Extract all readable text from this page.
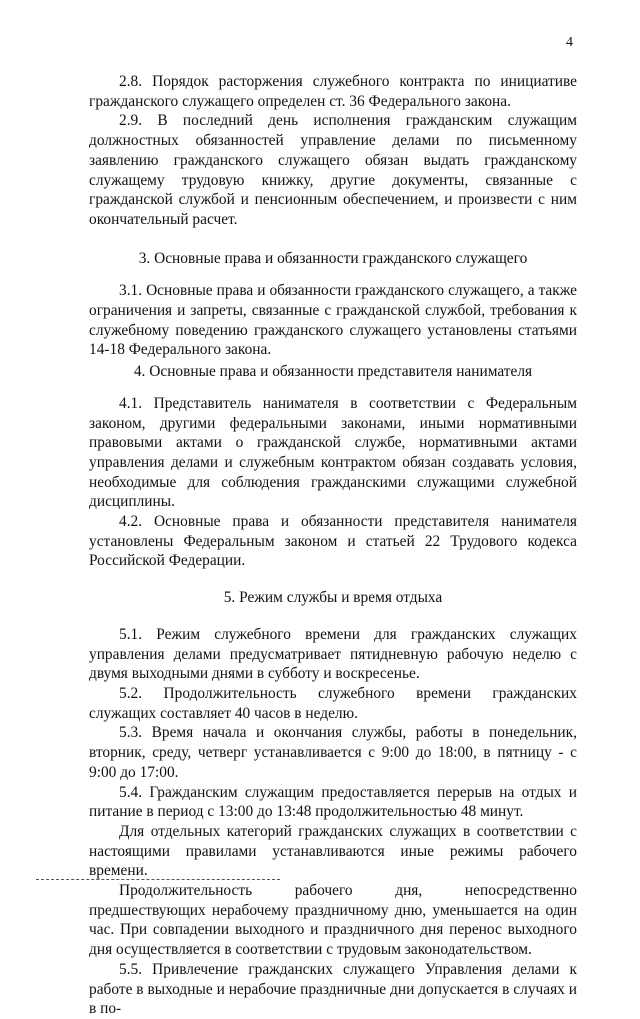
4

2.8. Порядок расторжения служебного контракта по инициативе гражданского служащего определен ст. 36 Федерального закона.

2.9. В последний день исполнения гражданским служащим должностных обязанностей управление делами по письменному заявлению гражданского служащего обязан выдать гражданскому служащему трудовую книжку, другие документы, связанные с гражданской службой и пенсионным обеспечением, и произвести с ним окончательный расчет.

3. Основные права и обязанности гражданского служащего

3.1. Основные права и обязанности гражданского служащего, а также ограничения и запреты, связанные с гражданской службой, требования к служебному поведению гражданского служащего установлены статьями 14-18 Федерального закона.

4. Основные права и обязанности представителя нанимателя

4.1. Представитель нанимателя в соответствии с Федеральным законом, другими федеральными законами, иными нормативными правовыми актами о гражданской службе, нормативными актами управления делами и служебным контрактом обязан создавать условия, необходимые для соблюдения гражданскими служащими служебной дисциплины.

4.2. Основные права и обязанности представителя нанимателя установлены Федеральным законом и статьей 22 Трудового кодекса Российской Федерации.

5. Режим службы и время отдыха

5.1. Режим служебного времени для гражданских служащих управления делами предусматривает пятидневную рабочую неделю с двумя выходными днями в субботу и воскресенье.

5.2. Продолжительность служебного времени гражданских служащих составляет 40 часов в неделю.

5.3. Время начала и окончания службы, работы в понедельник, вторник, среду, четверг устанавливается с 9:00 до 18:00, в пятницу - с 9:00 до 17:00.

5.4. Гражданским служащим предоставляется перерыв на отдых и питание в период с 13:00 до 13:48 продолжительностью 48 минут.

Для отдельных категорий гражданских служащих в соответствии с настоящими правилами устанавливаются иные режимы рабочего времени.

Продолжительность рабочего дня, непосредственно предшествующих нерабочему праздничному дню, уменьшается на один час. При совпадении выходного и праздничного дня перенос выходного дня осуществляется в соответствии с трудовым законодательством.

5.5. Привлечение гражданских служащего Управления делами к работе в выходные и нерабочие праздничные дни допускается в случаях и в по-
